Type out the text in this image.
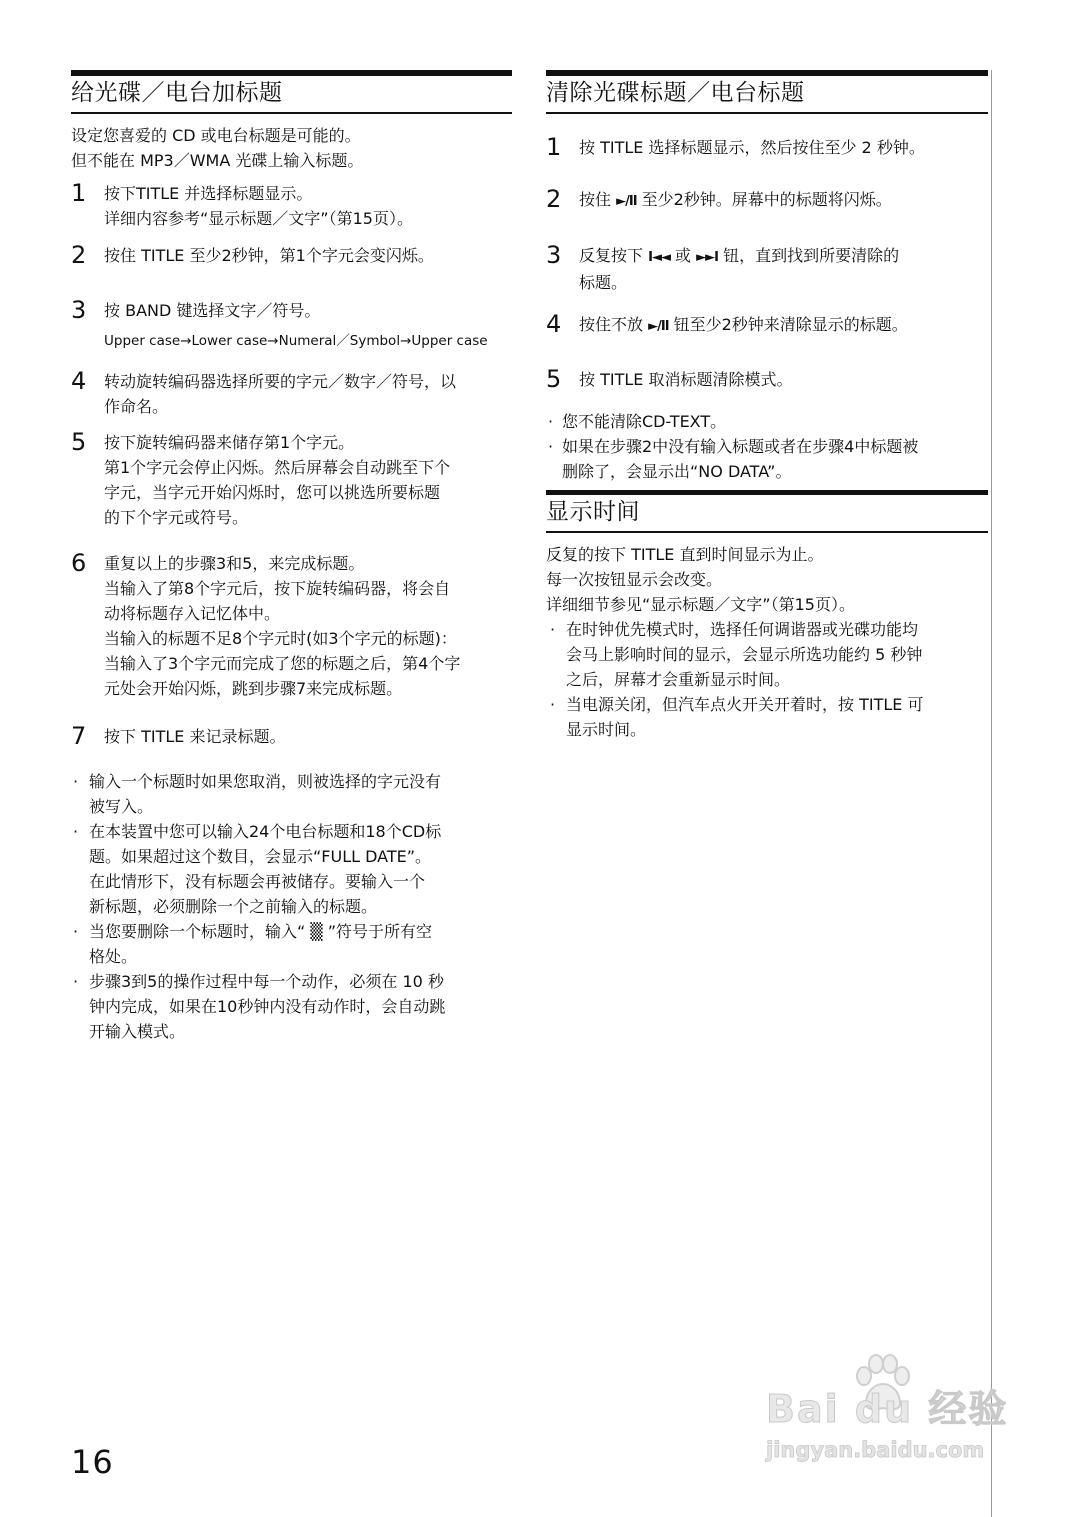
给光碟／电台加标题
设定您喜爱的 CD 或电台标题是可能的。
但不能在 MP3／WMA 光碟上输入标题。
1 按下TITLE 并选择标题显示。
详细内容参考“显示标题／文字”（第15页）。
2 按住 TITLE 至少2秒钟，第1个字元会变闪烁。
3 按 BAND 键选择文字／符号。
Upper case→Lower case→Numeral／Symbol→Upper case
4 转动旋转编码器选择所要的字元／数字／符号，以
作命名。
5 按下旋转编码器来储存第1个字元。
第1个字元会停止闪烁。然后屏幕会自动跳至下个
字元，当字元开始闪烁时，您可以挑选所要标题
的下个字元或符号。
6 重复以上的步骤3和5，来完成标题。
当输入了第8个字元后，按下旋转编码器，将会自
动将标题存入记忆体中。
当输入的标题不足8个字元时(如3个字元的标题)：
当输入了3个字元而完成了您的标题之后，第4个字
元处会开始闪烁，跳到步骤7来完成标题。
7 按下 TITLE 来记录标题。
· 输入一个标题时如果您取消，则被选择的字元没有
被写入。
· 在本装置中您可以输入24个电台标题和18个CD标
题。如果超过这个数目，会显示“FULL DATE”。
在此情形下，没有标题会再被储存。要输入一个
新标题，必须删除一个之前输入的标题。
· 当您要删除一个标题时，输入“ ▒ ”符号于所有空
格处。
· 步骤3到5的操作过程中每一个动作，必须在 10 秒
钟内完成，如果在10秒钟内没有动作时，会自动跳
开输入模式。
清除光碟标题／电台标题
1 按 TITLE 选择标题显示，然后按住至少 2 秒钟。
2 按住 ►/II 至少2秒钟。屏幕中的标题将闪烁。
3 反复按下 I◄◄ 或 ►►I 钮，直到找到所要清除的
标题。
4 按住不放 ►/II 钮至少2秒钟来清除显示的标题。
5 按 TITLE 取消标题清除模式。
· 您不能清除CD-TEXT。
· 如果在步骤2中没有输入标题或者在步骤4中标题被
删除了，会显示出“NO DATA”。
显示时间
反复的按下 TITLE 直到时间显示为止。
每一次按钮显示会改变。
详细细节参见“显示标题／文字”（第15页）。
· 在时钟优先模式时，选择任何调谐器或光碟功能均
会马上影响时间的显示，会显示所选功能约 5 秒钟
之后，屏幕才会重新显示时间。
· 当电源关闭，但汽车点火开关开着时，按 TITLE 可
显示时间。
16
Bai du 经验
jingyan.baidu.com
